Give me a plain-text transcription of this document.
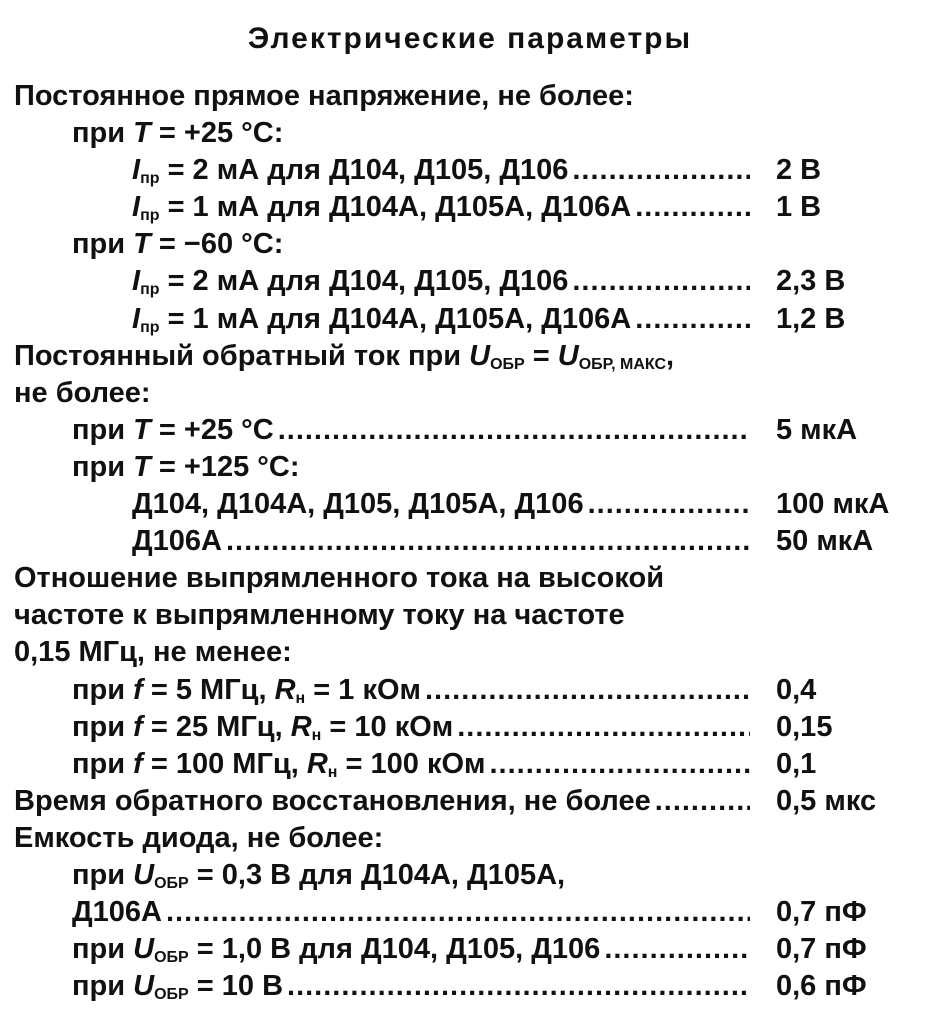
Электрические параметры
Постоянное прямое напряжение, не более:
при T = +25 °С:
$I_{пр} = 2$ мА для Д104, Д105, Д106 .....	2 В
$I_{пр} = 1$ мА для Д104А, Д105А, Д106А .....	1 В
при T = −60 °С:
$I_{пр} = 2$ мА для Д104, Д105, Д106 .....	2,3 В
$I_{пр} = 1$ мА для Д104А, Д105А, Д106А .....	1,2 В
Постоянный обратный ток при $U_{ОБР} = U_{ОБР, МАКС}$,
не более:
при T = +25 °С .....	5 мкА
при T = +125 °С:
Д104, Д104А, Д105, Д105А, Д106 .....	100 мкА
Д106А .....	50 мкА
Отношение выпрямленного тока на высокой
частоте к выпрямленному току на частоте
0,15 МГц, не менее:
при f = 5 МГц, $R_н = 1$ кОм .....	0,4
при f = 25 МГц, $R_н = 10$ кОм .....	0,15
при f = 100 МГц, $R_н = 100$ кОм .....	0,1
Время обратного восстановления, не более .....	0,5 мкс
Емкость диода, не более:
при $U_{ОБР} = 0,3$ В для Д104А, Д105А,
Д106А .....	0,7 пФ
при $U_{ОБР} = 1,0$ В для Д104, Д105, Д106 .....	0,7 пФ
при $U_{ОБР} = 10$ В .....	0,6 пФ
